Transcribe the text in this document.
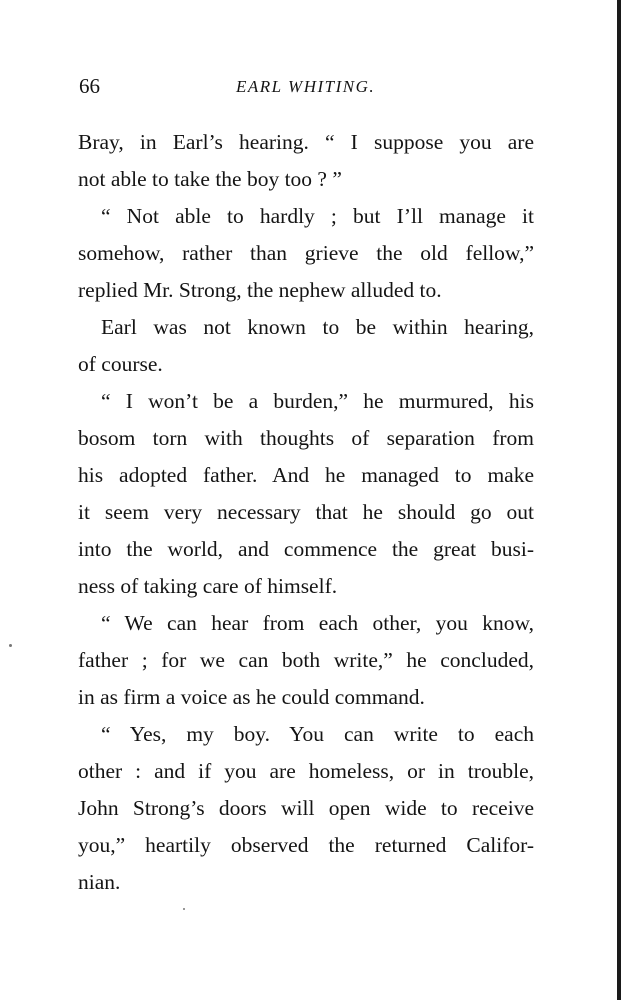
66	EARL WHITING.
Bray, in Earl’s hearing. “ I suppose you are
not able to take the boy too ? ”
“ Not able to hardly ; but I’ll manage it
somehow, rather than grieve the old fellow,”
replied Mr. Strong, the nephew alluded to.
Earl was not known to be within hearing,
of course.
“ I won’t be a burden,” he murmured, his
bosom torn with thoughts of separation from
his adopted father. And he managed to make
it seem very necessary that he should go out
into the world, and commence the great busi-
ness of taking care of himself.
“ We can hear from each other, you know,
father ; for we can both write,” he concluded,
in as firm a voice as he could command.
“ Yes, my boy. You can write to each
other : and if you are homeless, or in trouble,
John Strong’s doors will open wide to receive
you,” heartily observed the returned Califor-
nian.
